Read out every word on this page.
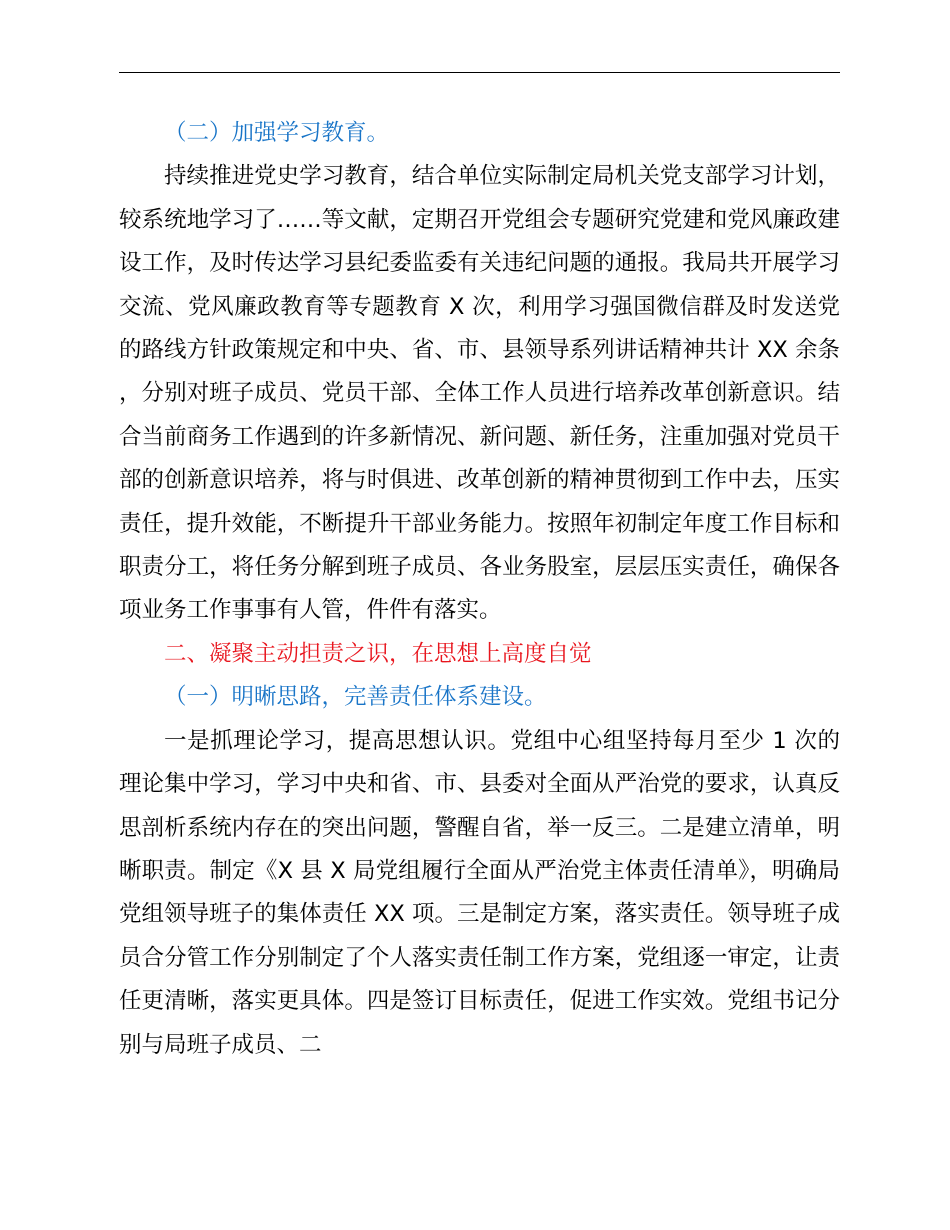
（二）加强学习教育。

持续推进党史学习教育，结合单位实际制定局机关党支部学习计划，较系统地学习了……等文献，定期召开党组会专题研究党建和党风廉政建设工作，及时传达学习县纪委监委有关违纪问题的通报。我局共开展学习交流、党风廉政教育等专题教育 X 次，利用学习强国微信群及时发送党的路线方针政策规定和中央、省、市、县领导系列讲话精神共计 XX 余条，分别对班子成员、党员干部、全体工作人员进行培养改革创新意识。结合当前商务工作遇到的许多新情况、新问题、新任务，注重加强对党员干部的创新意识培养，将与时俱进、改革创新的精神贯彻到工作中去，压实责任，提升效能，不断提升干部业务能力。按照年初制定年度工作目标和职责分工，将任务分解到班子成员、各业务股室，层层压实责任，确保各项业务工作事事有人管，件件有落实。

二、凝聚主动担责之识，在思想上高度自觉

（一）明晰思路，完善责任体系建设。

一是抓理论学习，提高思想认识。党组中心组坚持每月至少 1 次的理论集中学习，学习中央和省、市、县委对全面从严治党的要求，认真反思剖析系统内存在的突出问题，警醒自省，举一反三。二是建立清单，明晰职责。制定《X 县 X 局党组履行全面从严治党主体责任清单》，明确局党组领导班子的集体责任 XX 项。三是制定方案，落实责任。领导班子成员合分管工作分别制定了个人落实责任制工作方案，党组逐一审定，让责任更清晰，落实更具体。四是签订目标责任，促进工作实效。党组书记分别与局班子成员、二
